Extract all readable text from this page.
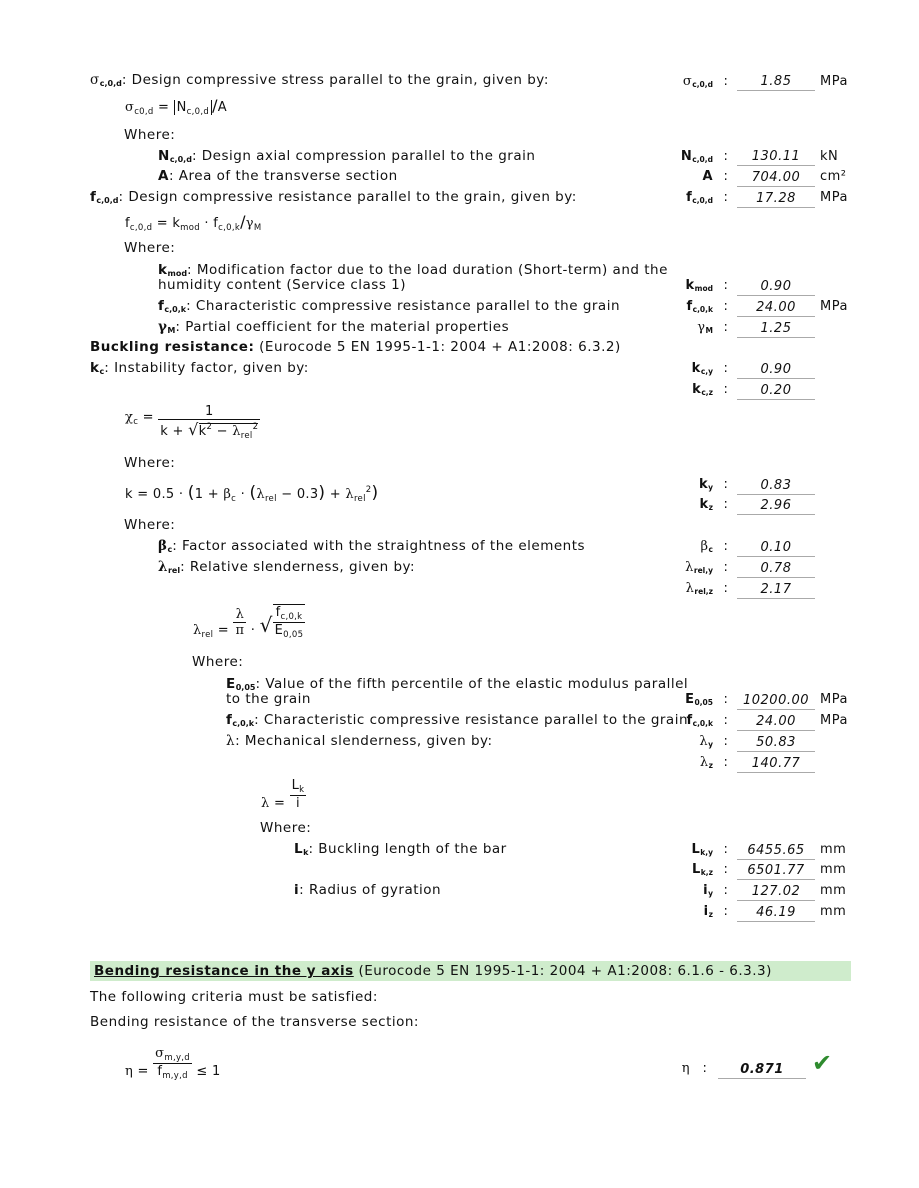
$\sigma_{c,0,d}$: Design compressive stress parallel to the grain, given by:	σc,0,d :	1.85	MPa
$\sigma_{c0,d} = N_{c,0,d}$ /A
Where:
$N_{c,0,d}$: Design axial compression parallel to the grain	Nc,0,d :	130.11	kN
A: Area of the transverse section	A :	704.00	cm²
$f_{c,0,d}$: Design compressive resistance parallel to the grain, given by:	fc,0,d :	17.28	MPa
$f_{c,0,d} = k_{mod} \cdot f_{c,0,k}/\gamma_M$
Where:
$k_{mod}$: Modification factor due to the load duration (Short-term) and the
humidity content (Service class 1)	kmod :	0.90
$f_{c,0,k}$: Characteristic compressive resistance parallel to the grain	fc,0,k :	24.00	MPa
$\gamma_M$: Partial coefficient for the material properties	γM :	1.25
Buckling resistance: (Eurocode 5 EN 1995-1-1: 2004 + A1:2008: 6.3.2)
$k_c$: Instability factor, given by:	kc,y :	0.90
kc,z :	0.20
$\chi_c = \frac{1}{k + √k^2 - \lambda_{rel}^2}$
Where:
$k = 0.5 \cdot (1 + \beta_c \cdot (\lambda_{rel} - 0.3) + \lambda_{rel}^2)$	ky :	0.83
kz :	2.96
Where:
$\beta_c$: Factor associated with the straightness of the elements	βc :	0.10
$\lambda_{rel}$: Relative slenderness, given by:	λrel,y :	0.78
λrel,z :	2.17
$\lambda_{rel} = \frac{\lambda}{\pi}$ · √ $\frac{f_{c,0,k}}{E_{0,05}}$
Where:
$E_{0,05}$: Value of the fifth percentile of the elastic modulus parallel
to the grain	E0,05 :	10200.00 MPa
$f_{c,0,k}$: Characteristic compressive resistance parallel to the grain
fc,0,k :	24.00	MPa
λ: Mechanical slenderness, given by:	λy :	50.83
λz :	140.77
$\lambda = \frac{L_k}{i}$
Where:
$L_k$: Buckling length of the bar	Lk,y :	6455.65	mm
Lk,z :	6501.77	mm
i: Radius of gyration	iy :	127.02	mm
iz :	46.19	mm
Bending resistance in the y axis (Eurocode 5 EN 1995-1-1: 2004 + A1:2008: 6.1.6 - 6.3.3)
The following criteria must be satisfied:
Bending resistance of the transverse section:
$\eta = \frac{\sigma_{m,y,d}}{f_{m,y,d}} \le 1$	η :	0.871	✔
